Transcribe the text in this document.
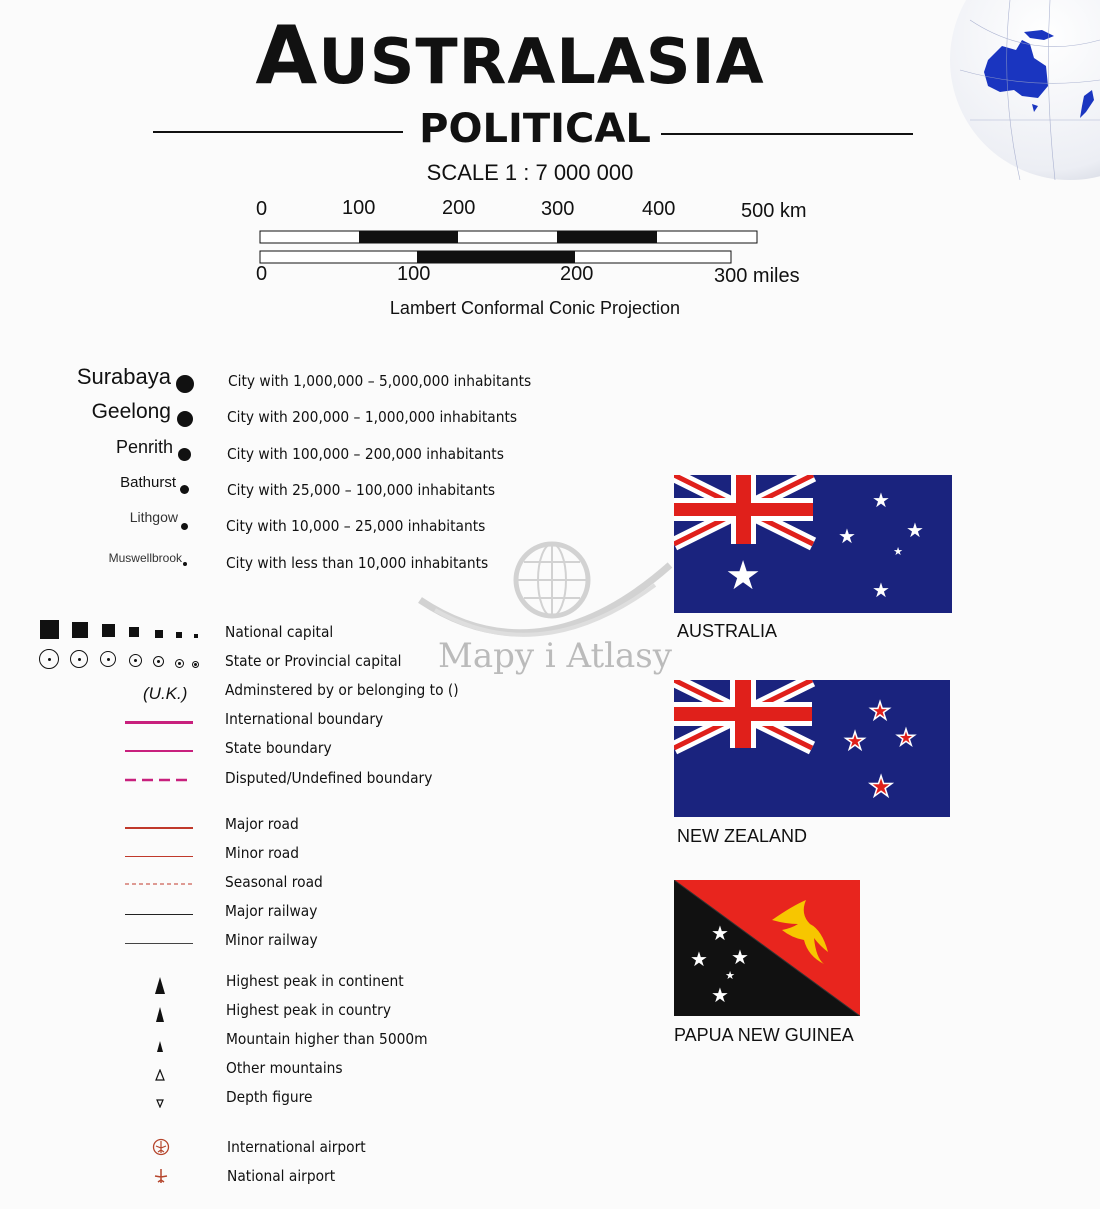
AUSTRALASIA
POLITICAL
SCALE 1 : 7 000 000
0	100	200	300	400	500 km
0	100	200	300 miles
Lambert Conformal Conic Projection
Mapy i Atlasy
Surabaya	City with 1,000,000 – 5,000,000 inhabitants
Geelong	City with 200,000 – 1,000,000 inhabitants
Penrith	City with 100,000 – 200,000 inhabitants
Bathurst	City with 25,000 – 100,000 inhabitants
Lithgow	City with 10,000 – 25,000 inhabitants
Muswellbrook	City with less than 10,000 inhabitants
National capital
State or Provincial capital
(U.K.)	Adminstered by or belonging to ()
International boundary
State boundary
Disputed/Undefined boundary
Major road
Minor road
Seasonal road
Major railway
Minor railway
Highest peak in continent
Highest peak in country
Mountain higher than 5000m
Other mountains
Depth figure
International airport
National airport
★
★
★	★
★
★
AUSTRALIA
★
★ ★
★
NEW ZEALAND
★
★ ★
★
★
PAPUA NEW GUINEA
